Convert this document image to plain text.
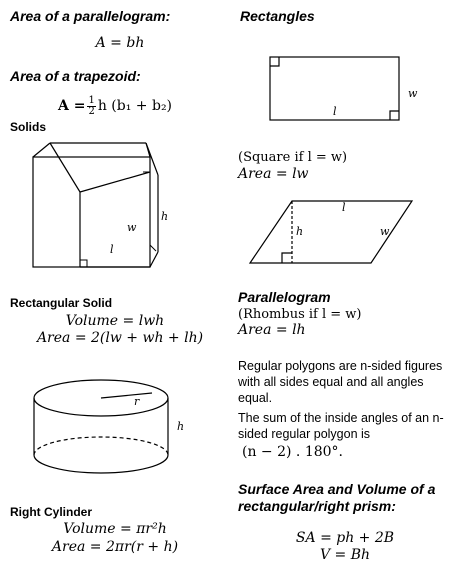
Area of a parallelogram:
A = bh
Area of a trapezoid:
$A = \frac{1}{2}$ h (b₁ + b₂)
Solids
h
w
l
Rectangular Solid
Volume = lwh
Area = 2(lw + wh + lh)
r
h
Right Cylinder
Volume = πr²h
Area = 2πr(r + h)
Rectangles
w
l
(Square if l = w)
Area = lw
l
h	w
Parallelogram
(Rhombus if l = w)
Area = lh
Regular polygons are n-sided figures with all sides equal and all angles equal.
The sum of the inside angles of an n-sided regular polygon is
(n − 2) . 180°.
Surface Area and Volume of a rectangular/right prism:
SA = ph + 2B
V = Bh
